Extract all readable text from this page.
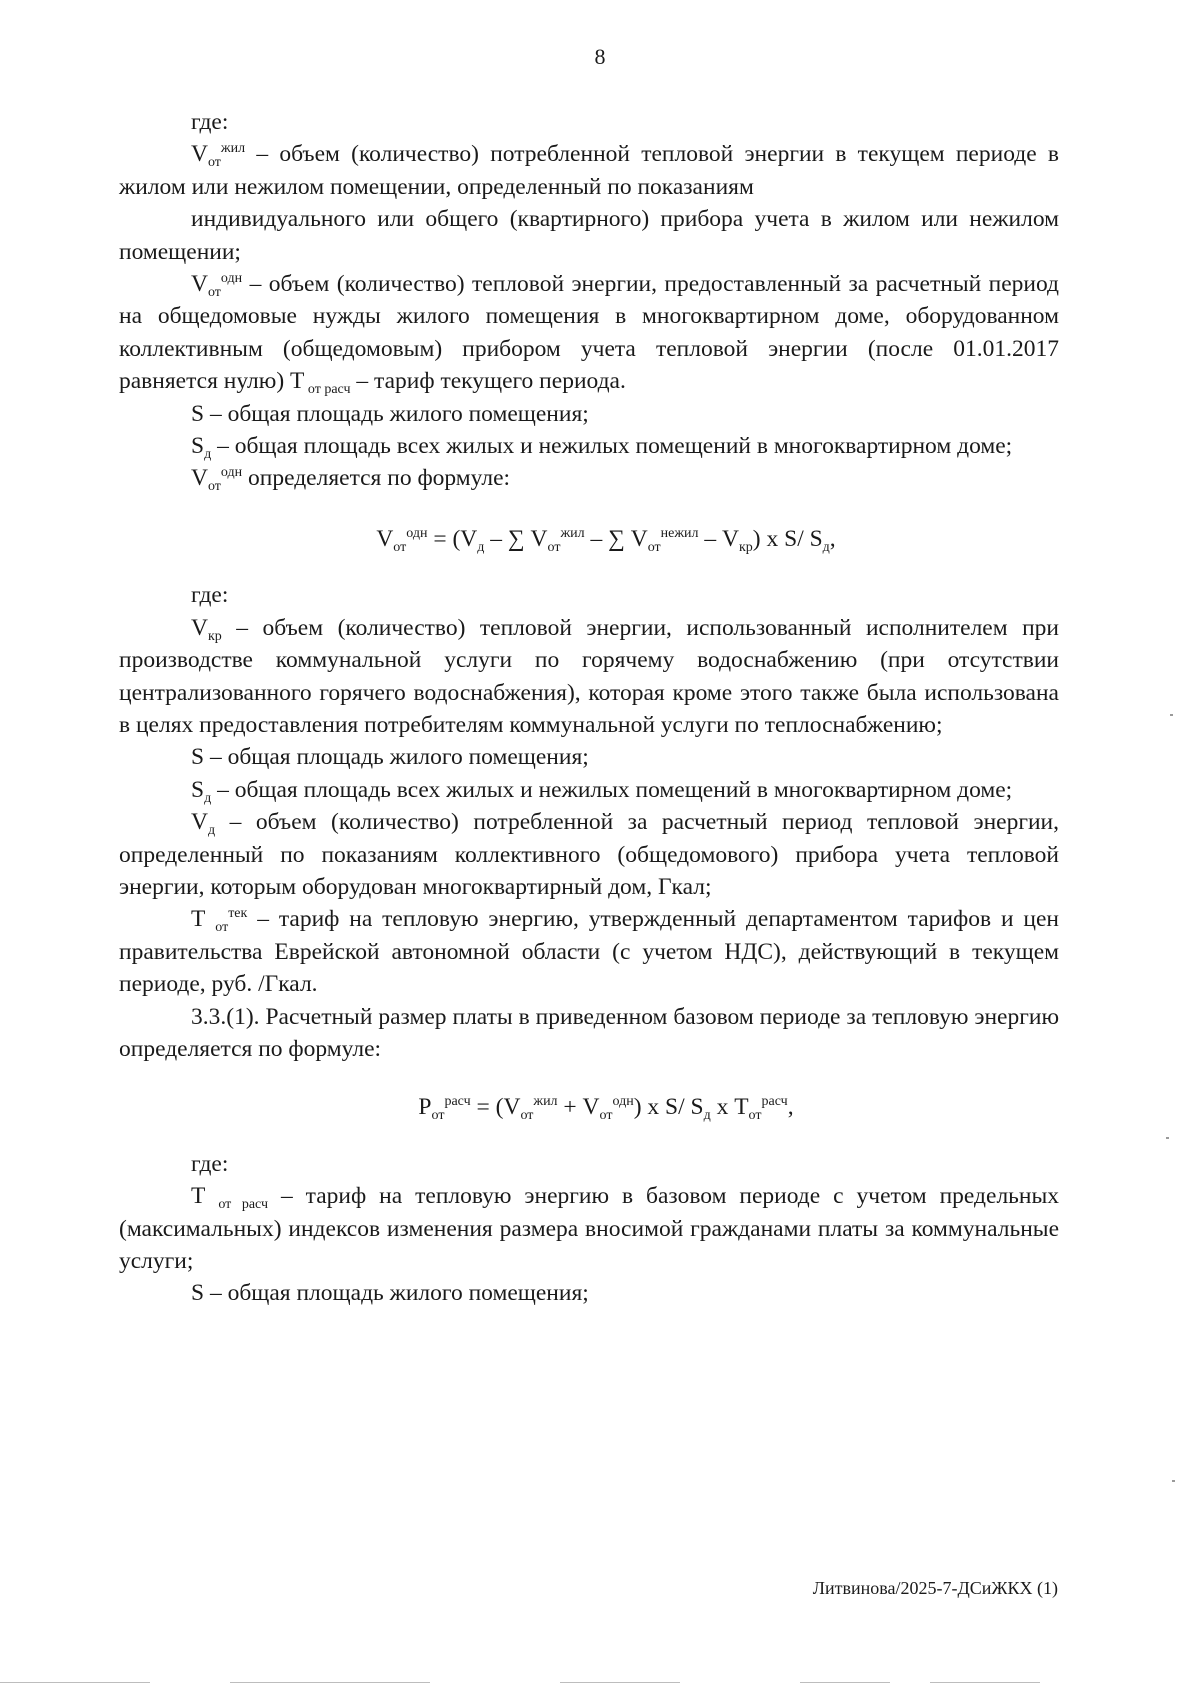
8

где:

$V_{от}^{жил}$ – объем (количество) потребленной тепловой энергии в текущем периоде в жилом или нежилом помещении, определенный по показаниям

индивидуального или общего (квартирного) прибора учета в жилом или нежилом помещении;

$V_{от}^{одн}$ – объем (количество) тепловой энергии, предоставленный за расчетный период на общедомовые нужды жилого помещения в многоквартирном доме, оборудованном коллективным (общедомовым) прибором учета тепловой энергии (после 01.01.2017 равняется нулю) Т $_{от расч}$ – тариф текущего периода.

S – общая площадь жилого помещения;

$S_д$ – общая площадь всех жилых и нежилых помещений в многоквартирном доме;

$V_{от}^{одн}$ определяется по формуле:

$V_{от}^{одн} = (V_д$ – ∑ $V_{от}^{жил}$ – ∑ $V_{от}^{нежил} - V_{кр}$) x S/ $S_д$,

где:

$V_{кр}$ – объем (количество) тепловой энергии, использованный исполнителем при производстве коммунальной услуги по горячему водоснабжению (при отсутствии централизованного горячего водоснабжения), которая кроме этого также была использована в целях предоставления потребителям коммунальной услуги по теплоснабжению;

S – общая площадь жилого помещения;

$S_д$ – общая площадь всех жилых и нежилых помещений в многоквартирном доме;

$V_д$ – объем (количество) потребленной за расчетный период тепловой энергии, определенный по показаниям коллективного (общедомового) прибора учета тепловой энергии, которым оборудован многоквартирный дом, Гкал;

Т $_{от}^{тек}$ – тариф на тепловую энергию, утвержденный департаментом тарифов и цен правительства Еврейской автономной области (с учетом НДС), действующий в текущем периоде, руб. /Гкал.

3.3.(1). Расчетный размер платы в приведенном базовом периоде за тепловую энергию определяется по формуле:

$Р_{от}^{расч} = (V_{от}^{жил} + V_{от}^{одн})$ x S/ $S_д$ x $Т_{от}^{расч}$,

где:

Т $_{от расч}$ – тариф на тепловую энергию в базовом периоде с учетом предельных (максимальных) индексов изменения размера вносимой гражданами платы за коммунальные услуги;

S – общая площадь жилого помещения;

Литвинова/2025-7-ДСиЖКХ (1)
